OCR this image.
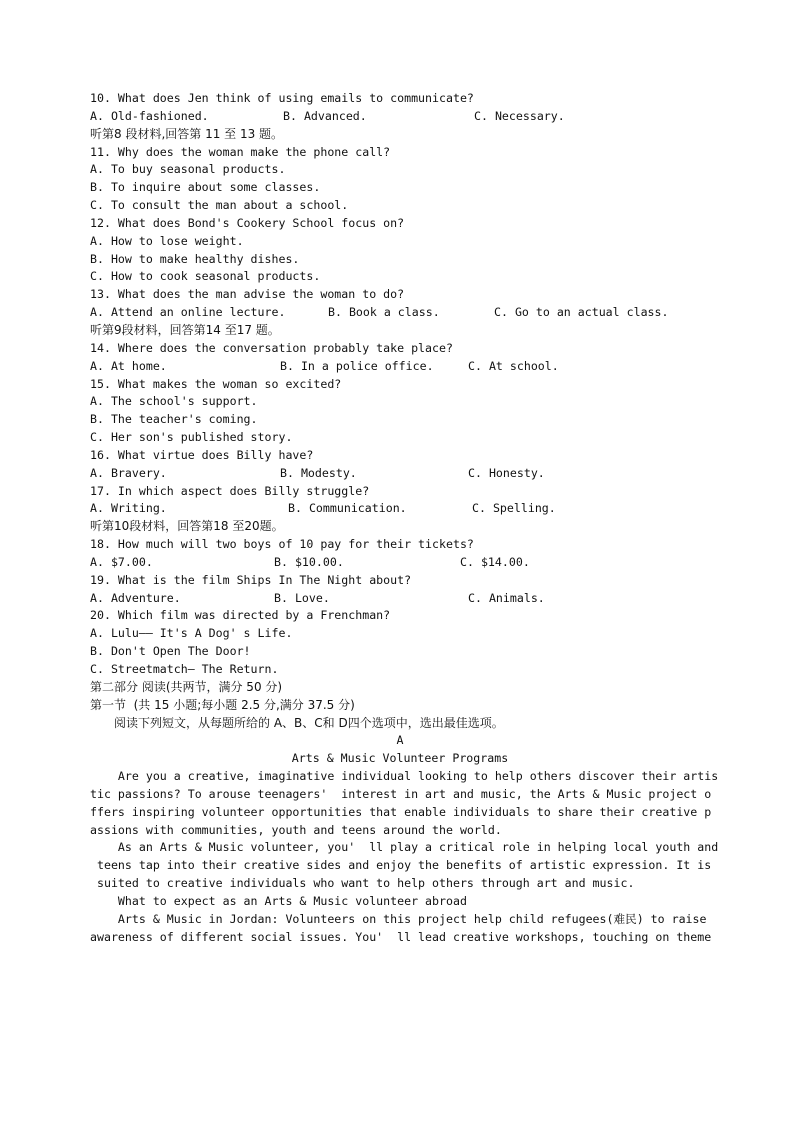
10. What does Jen think of using emails to communicate?

A. Old-fashioned.

	B. Advanced.

	C. Necessary.

听第8 段材料,回答第 11 至 13 题。
11. Why does the woman make the phone call?
A. To buy seasonal products.
B. To inquire about some classes.
C. To consult the man about a school.
12. What does Bond's Cookery School focus on?
A. How to lose weight.
B. How to make healthy dishes.
C. How to cook seasonal products.
13. What does the man advise the woman to do?

A. Attend an online lecture.

	B. Book a class.

	C. Go to an actual class.

听第9段材料，回答第14 至17 题。
14. Where does the conversation probably take place?

A. At home.

	B. In a police office.

	C. At school.

15. What makes the woman so excited?
A. The school's support.
B. The teacher's coming.
C. Her son's published story.
16. What virtue does Billy have?

A. Bravery.

	B. Modesty.

	C. Honesty.

17. In which aspect does Billy struggle?

A. Writing.

	B. Communication.

	C. Spelling.

听第10段材料，回答第18 至20题。
18. How much will two boys of 10 pay for their tickets?

A. $7.00.

	B. $10.00.

	C. $14.00.

19. What is the film Ships In The Night about?

A. Adventure.

	B. Love.

	C. Animals.

20. Which film was directed by a Frenchman?
A. Lulu—— It's A Dog' s Life.
B. Don't Open The Door!
C. Streetmatch— The Return.
第二部分 阅读(共两节，满分 50 分)
第一节  (共 15 小题;每小题 2.5 分,满分 37.5 分)
阅读下列短文，从每题所给的 A、B、C和 D四个选项中，选出最佳选项。
A
Arts & Music Volunteer Programs
Are you a creative, imaginative individual looking to help others discover their artis
tic passions? To arouse teenagers'  interest in art and music, the Arts & Music project o
ffers inspiring volunteer opportunities that enable individuals to share their creative p
assions with communities, youth and teens around the world.
As an Arts & Music volunteer, you'  ll play a critical role in helping local youth and
teens tap into their creative sides and enjoy the benefits of artistic expression. It is
suited to creative individuals who want to help others through art and music.
What to expect as an Arts & Music volunteer abroad
Arts & Music in Jordan: Volunteers on this project help child refugees(难民) to raise
awareness of different social issues. You'  ll lead creative workshops, touching on theme
